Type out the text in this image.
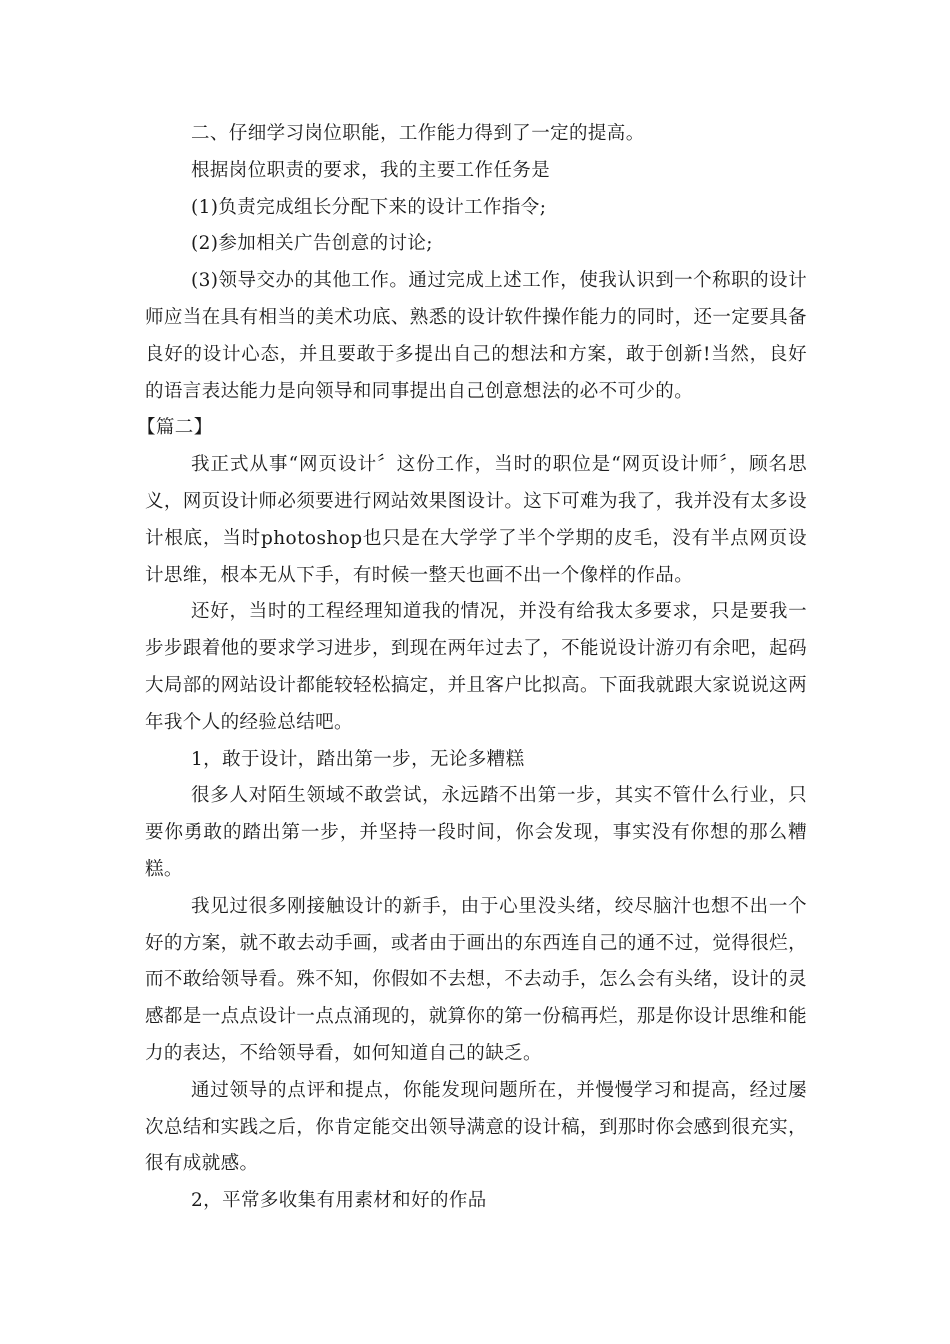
二、仔细学习岗位职能，工作能力得到了一定的提高。

根据岗位职责的要求，我的主要工作任务是

(1)负责完成组长分配下来的设计工作指令;

(2)参加相关广告创意的讨论;

(3)领导交办的其他工作。通过完成上述工作，使我认识到一个称职的设计师应当在具有相当的美术功底、熟悉的设计软件操作能力的同时，还一定要具备良好的设计心态，并且要敢于多提出自己的想法和方案，敢于创新!当然，良好的语言表达能力是向领导和同事提出自己创意想法的必不可少的。

【篇二】

我正式从事“网页设计〞这份工作，当时的职位是“网页设计师〞，顾名思义，网页设计师必须要进行网站效果图设计。这下可难为我了，我并没有太多设计根底，当时photoshop也只是在大学学了半个学期的皮毛，没有半点网页设计思维，根本无从下手，有时候一整天也画不出一个像样的作品。

还好，当时的工程经理知道我的情况，并没有给我太多要求，只是要我一步步跟着他的要求学习进步，到现在两年过去了，不能说设计游刃有余吧，起码大局部的网站设计都能较轻松搞定，并且客户比拟高。下面我就跟大家说说这两年我个人的经验总结吧。

1，敢于设计，踏出第一步，无论多糟糕

很多人对陌生领域不敢尝试，永远踏不出第一步，其实不管什么行业，只要你勇敢的踏出第一步，并坚持一段时间，你会发现，事实没有你想的那么糟糕。

我见过很多刚接触设计的新手，由于心里没头绪，绞尽脑汁也想不出一个好的方案，就不敢去动手画，或者由于画出的东西连自己的通不过，觉得很烂，而不敢给领导看。殊不知，你假如不去想，不去动手，怎么会有头绪，设计的灵感都是一点点设计一点点涌现的，就算你的第一份稿再烂，那是你设计思维和能力的表达，不给领导看，如何知道自己的缺乏。

通过领导的点评和提点，你能发现问题所在，并慢慢学习和提高，经过屡次总结和实践之后，你肯定能交出领导满意的设计稿，到那时你会感到很充实，很有成就感。

2，平常多收集有用素材和好的作品
